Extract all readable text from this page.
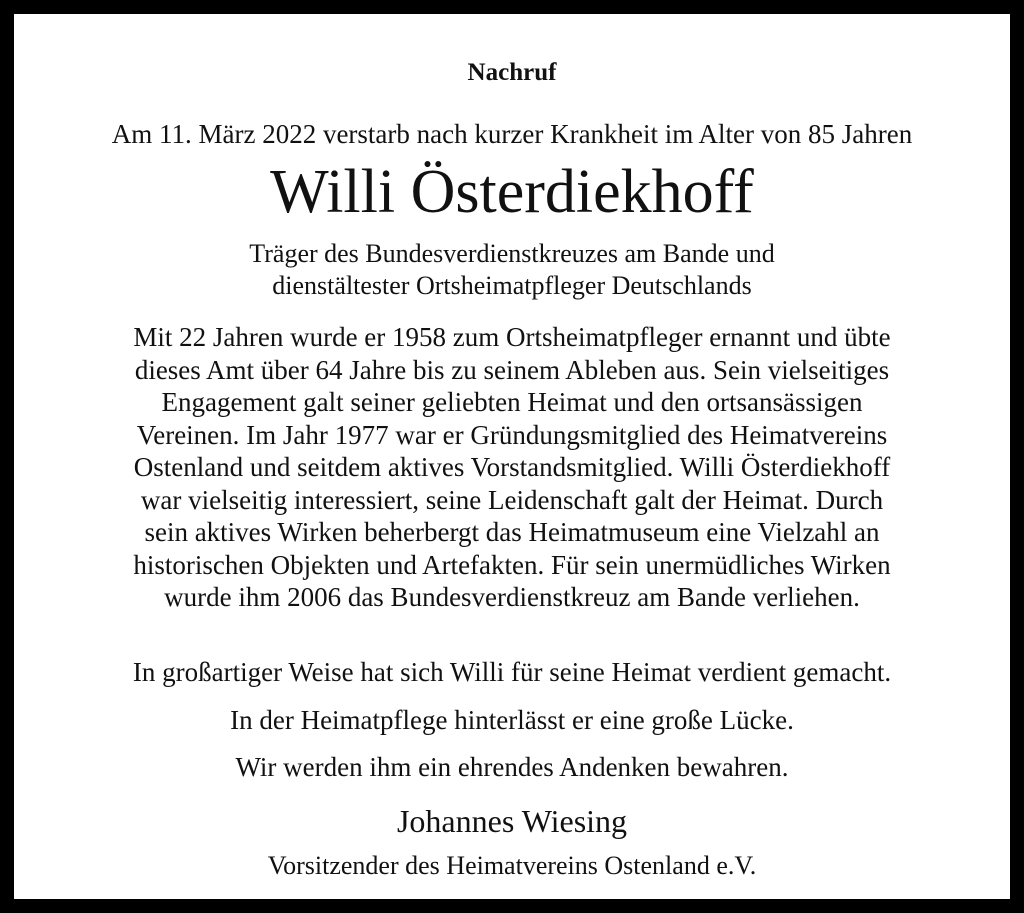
Nachruf
Am 11. März 2022 verstarb nach kurzer Krankheit im Alter von 85 Jahren
Willi Österdiekhoff
Träger des Bundesverdienstkreuzes am Bande und
dienstältester Ortsheimatpfleger Deutschlands
Mit 22 Jahren wurde er 1958 zum Ortsheimatpfleger ernannt und übte
dieses Amt über 64 Jahre bis zu seinem Ableben aus. Sein vielseitiges
Engagement galt seiner geliebten Heimat und den ortsansässigen
Vereinen. Im Jahr 1977 war er Gründungsmitglied des Heimatvereins
Ostenland und seitdem aktives Vorstandsmitglied. Willi Österdiekhoff
war vielseitig interessiert, seine Leidenschaft galt der Heimat. Durch
sein aktives Wirken beherbergt das Heimatmuseum eine Vielzahl an
historischen Objekten und Artefakten. Für sein unermüdliches Wirken
wurde ihm 2006 das Bundesverdienstkreuz am Bande verliehen.
In großartiger Weise hat sich Willi für seine Heimat verdient gemacht.
In der Heimatpflege hinterlässt er eine große Lücke.
Wir werden ihm ein ehrendes Andenken bewahren.
Johannes Wiesing
Vorsitzender des Heimatvereins Ostenland e.V.
